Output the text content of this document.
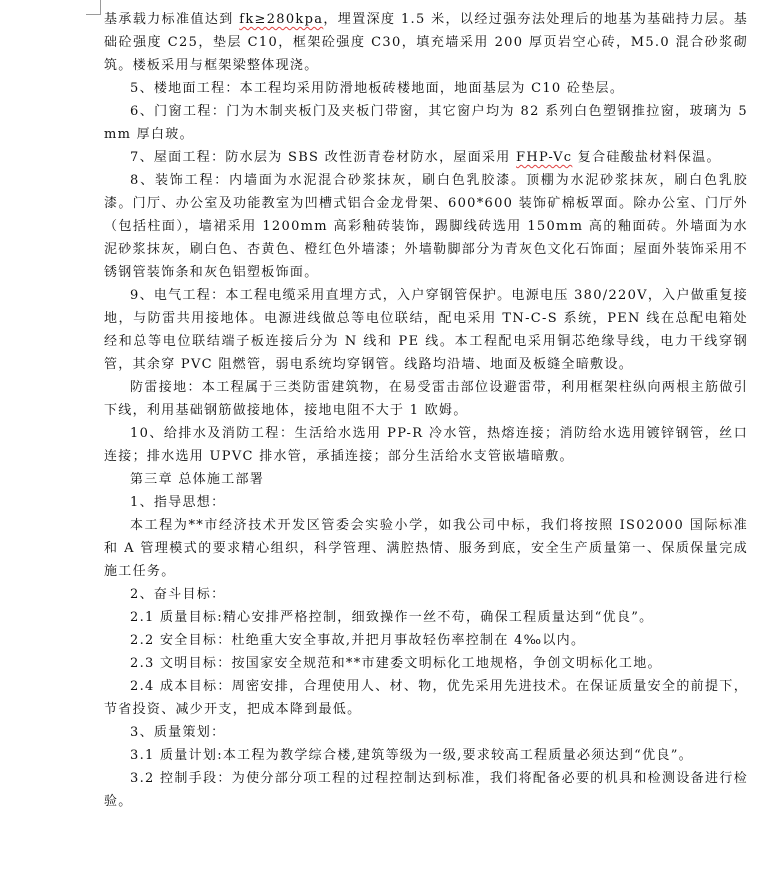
基承载力标准值达到 fk≥280kpa，埋置深度 1.5 米，以经过强夯法处理后的地基为基础持力层。基础砼强度 C25，垫层 C10，框架砼强度 C30，填充墙采用 200 厚页岩空心砖，M5.0 混合砂浆砌筑。楼板采用与框架梁整体现浇。

5、楼地面工程：本工程均采用防滑地板砖楼地面，地面基层为 C10 砼垫层。

6、门窗工程：门为木制夹板门及夹板门带窗，其它窗户均为 82 系列白色塑钢推拉窗，玻璃为 5mm 厚白玻。

7、屋面工程：防水层为 SBS 改性沥青卷材防水，屋面采用 FHP-Vc 复合硅酸盐材料保温。

8、装饰工程：内墙面为水泥混合砂浆抹灰，刷白色乳胶漆。顶棚为水泥砂浆抹灰，刷白色乳胶漆。门厅、办公室及功能教室为凹槽式铝合金龙骨架、600*600 装饰矿棉板罩面。除办公室、门厅外（包括柱面），墙裙采用 1200mm 高彩釉砖装饰，踢脚线砖选用 150mm 高的釉面砖。外墙面为水泥砂浆抹灰，刷白色、杏黄色、橙红色外墙漆；外墙勒脚部分为青灰色文化石饰面；屋面外装饰采用不锈钢管装饰条和灰色铝塑板饰面。

9、电气工程：本工程电缆采用直埋方式，入户穿钢管保护。电源电压 380/220V，入户做重复接地，与防雷共用接地体。电源进线做总等电位联结，配电采用 TN-C-S 系统，PEN 线在总配电箱处经和总等电位联结端子板连接后分为 N 线和 PE 线。本工程配电采用铜芯绝缘导线，电力干线穿钢管，其余穿 PVC 阻燃管，弱电系统均穿钢管。线路均沿墙、地面及板缝全暗敷设。

防雷接地：本工程属于三类防雷建筑物，在易受雷击部位设避雷带，利用框架柱纵向两根主筋做引下线，利用基础钢筋做接地体，接地电阻不大于 1 欧姆。

10、给排水及消防工程：生活给水选用 PP-R 冷水管，热熔连接；消防给水选用镀锌钢管，丝口连接；排水选用 UPVC 排水管，承插连接；部分生活给水支管嵌墙暗敷。

第三章 总体施工部署

1、指导思想：

本工程为**市经济技术开发区管委会实验小学，如我公司中标，我们将按照 IS02000 国际标准和 A 管理模式的要求精心组织，科学管理、满腔热情、服务到底，安全生产质量第一、保质保量完成施工任务。

2、奋斗目标：

2.1 质量目标:精心安排严格控制，细致操作一丝不苟，确保工程质量达到“优良”。

2.2 安全目标：杜绝重大安全事故,并把月事故轻伤率控制在 4‰以内。

2.3 文明目标：按国家安全规范和**市建委文明标化工地规格，争创文明标化工地。

2.4 成本目标：周密安排，合理使用人、材、物，优先采用先进技术。在保证质量安全的前提下，节省投资、减少开支，把成本降到最低。

3、质量策划：

3.1 质量计划:本工程为教学综合楼,建筑等级为一级,要求较高工程质量必须达到“优良”。

3.2 控制手段：为使分部分项工程的过程控制达到标准，我们将配备必要的机具和检测设备进行检验。
